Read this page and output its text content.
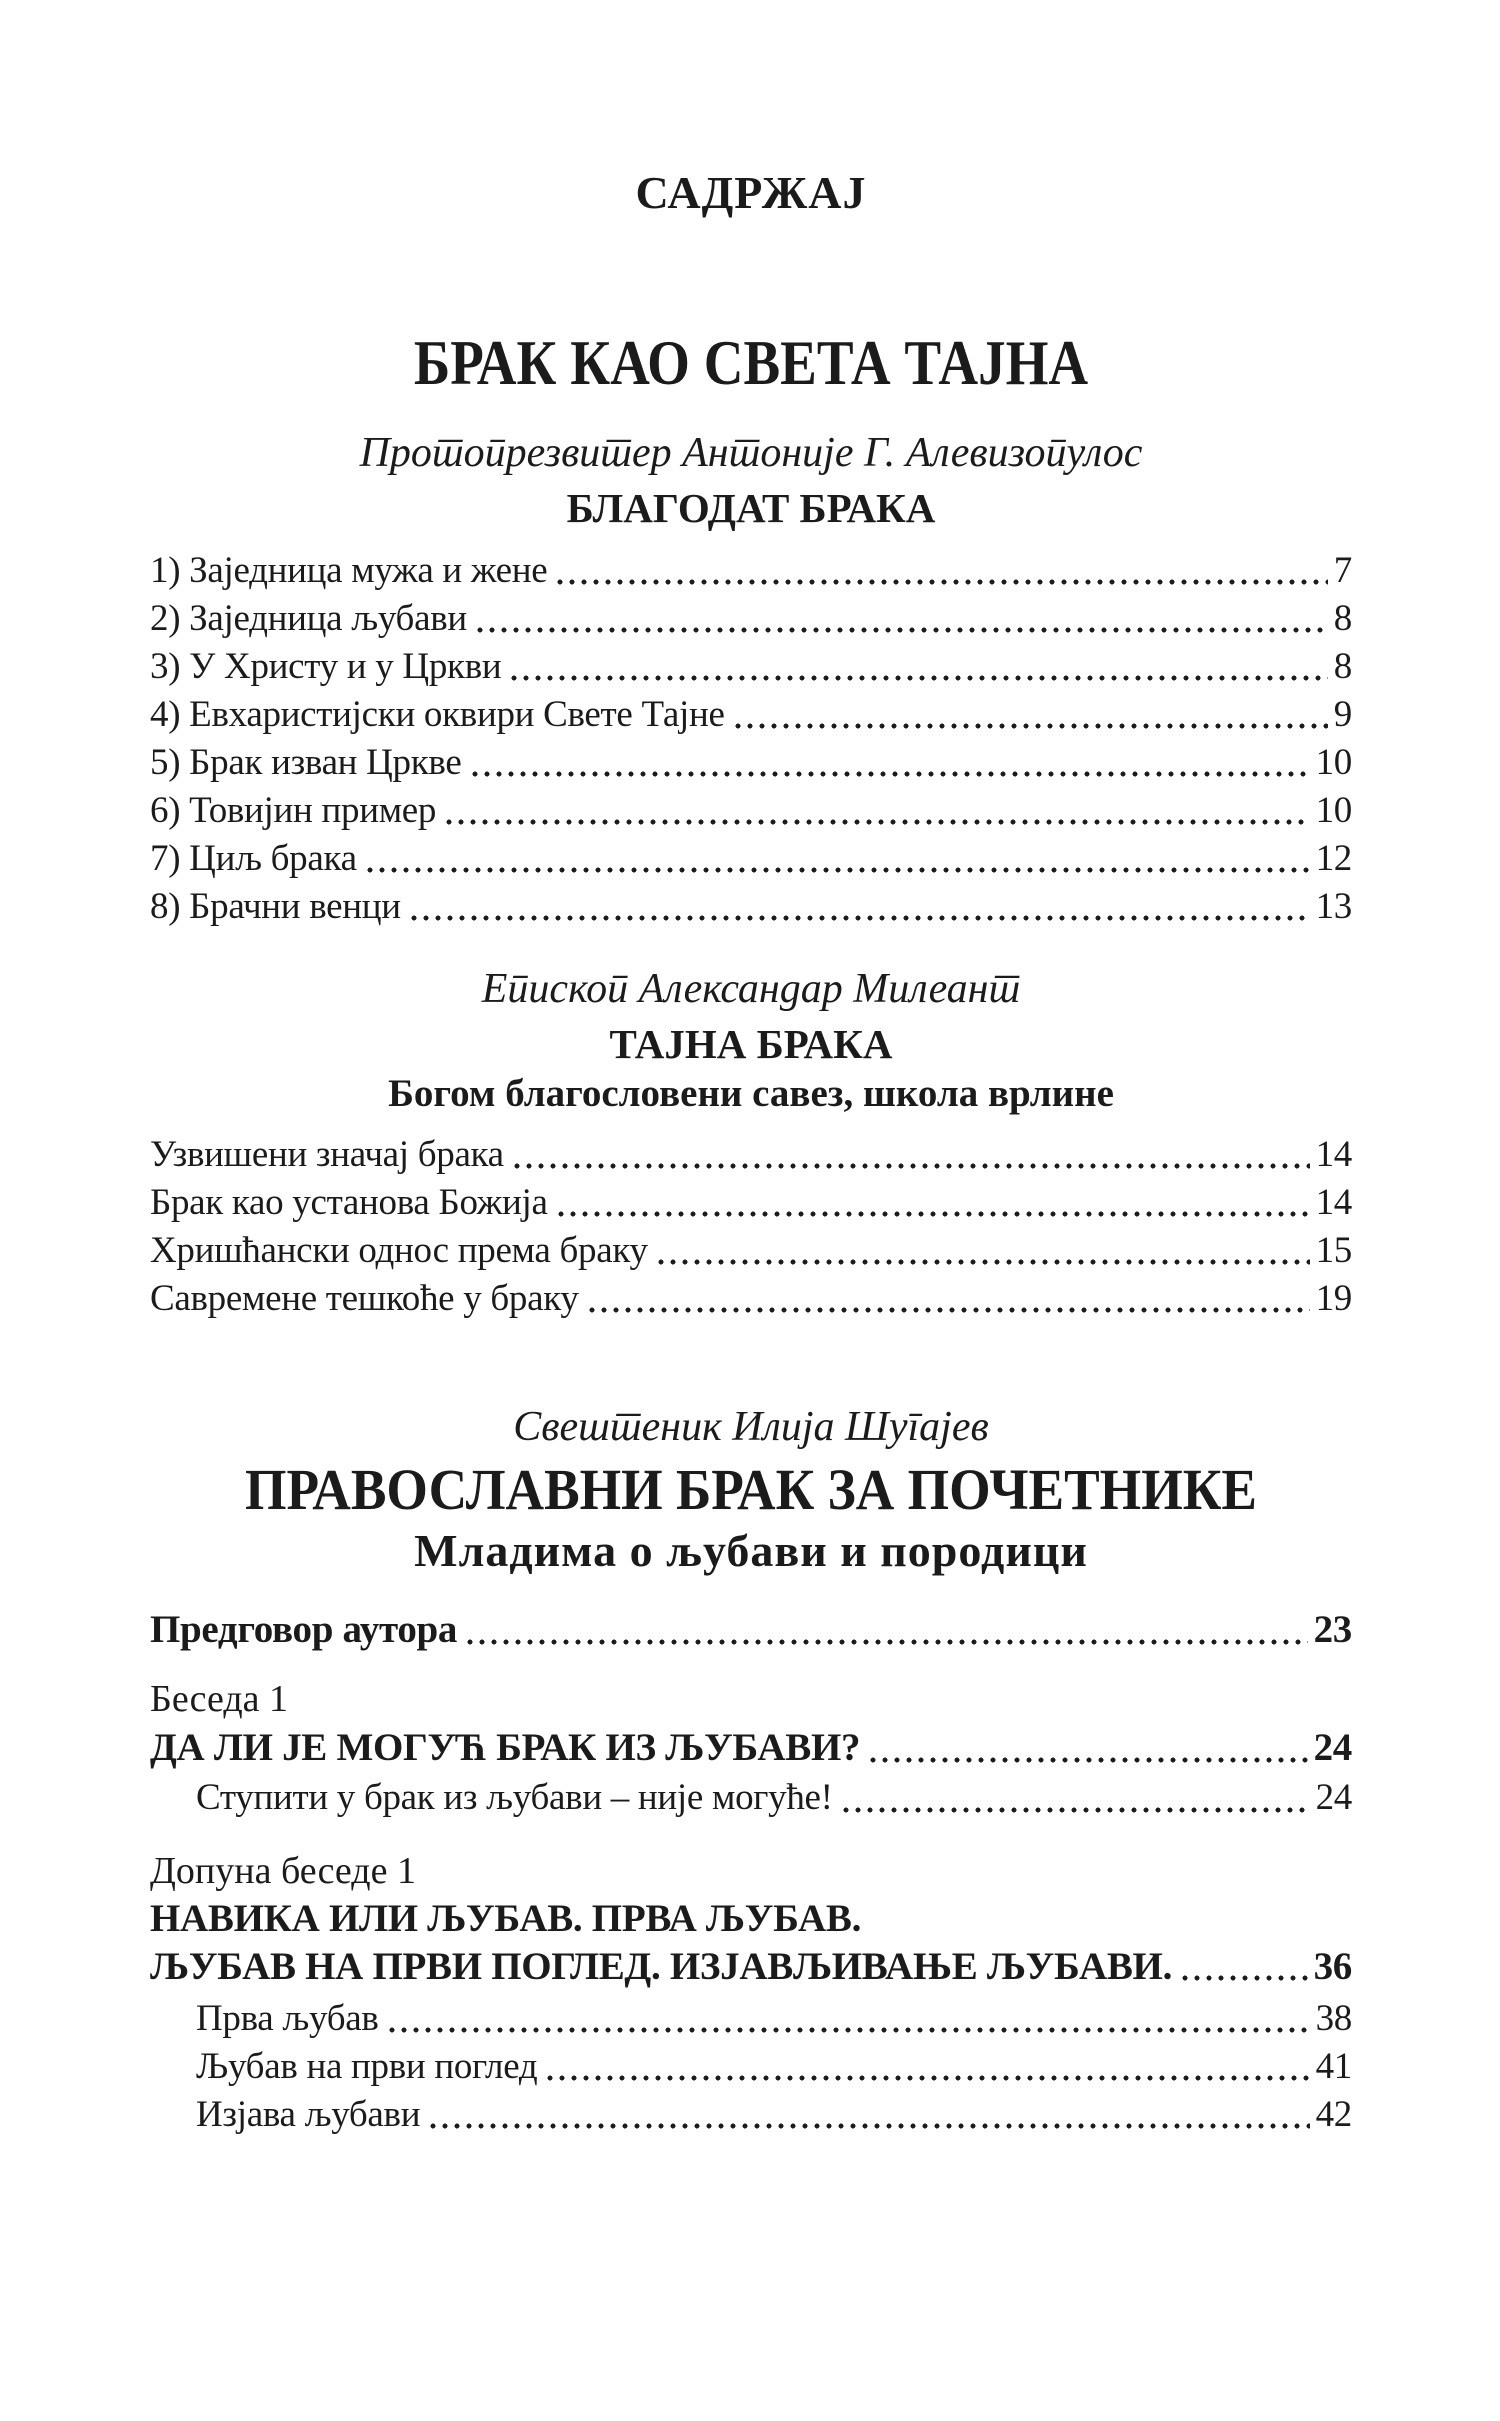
САДРЖАЈ
БРАК КАО СВЕТА ТАЈНА
Протопрезвитер Антоније Г. Алевизопулос
БЛАГОДАТ БРАКА
1) Заједница мужа и жене	7
2) Заједница љубави	8
3) У Христу и у Цркви	8
4) Евхаристијски оквири Свете Тајне	9
5) Брак изван Цркве	10
6) Товијин пример	10
7) Циљ брака	12
8) Брачни венци	13
Епископ Александар Милеант
ТАЈНА БРАКА
Богом благословени савез, школа врлине
Узвишени значај брака	14
Брак као установа Божија	14
Хришћански однос према браку	15
Савремене тешкоће у браку	19
Свештеник Илија Шугајев
ПРАВОСЛАВНИ БРАК ЗА ПОЧЕТНИКЕ
Младима о љубави и породици
Предговор аутора	23
Беседа 1
ДА ЛИ ЈЕ МОГУЋ БРАК ИЗ ЉУБАВИ?	24
Ступити у брак из љубави – није могуће!	24
Допуна беседе 1
НАВИКА ИЛИ ЉУБАВ. ПРВА ЉУБАВ.
ЉУБАВ НА ПРВИ ПОГЛЕД. ИЗЈАВЉИВАЊЕ ЉУБАВИ.	36
Прва љубав	38
Љубав на први поглед	41
Изјава љубави	42
